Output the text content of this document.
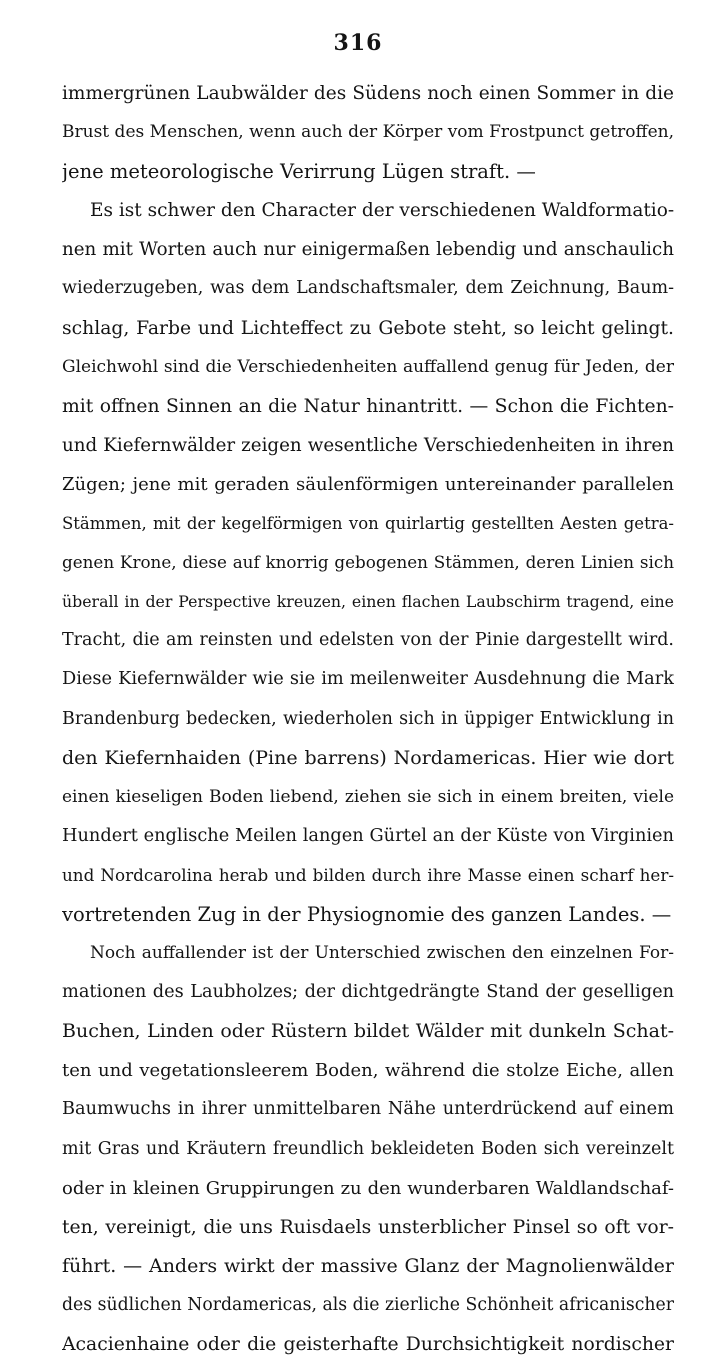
316
immergrünen Laubwälder des Südens noch einen Sommer in die
Brust des Menschen, wenn auch der Körper vom Frostpunct getroffen,
jene meteorologische Verirrung Lügen straft. —
Es ist schwer den Character der verschiedenen Waldformatio-
nen mit Worten auch nur einigermaßen lebendig und anschaulich
wiederzugeben, was dem Landschaftsmaler, dem Zeichnung, Baum-
schlag, Farbe und Lichteffect zu Gebote steht, so leicht gelingt.
Gleichwohl sind die Verschiedenheiten auffallend genug für Jeden, der
mit offnen Sinnen an die Natur hinantritt. — Schon die Fichten-
und Kiefernwälder zeigen wesentliche Verschiedenheiten in ihren
Zügen; jene mit geraden säulenförmigen untereinander parallelen
Stämmen, mit der kegelförmigen von quirlartig gestellten Aesten getra-
genen Krone, diese auf knorrig gebogenen Stämmen, deren Linien sich
überall in der Perspective kreuzen, einen flachen Laubschirm tragend, eine
Tracht, die am reinsten und edelsten von der Pinie dargestellt wird.
Diese Kiefernwälder wie sie im meilenweiter Ausdehnung die Mark
Brandenburg bedecken, wiederholen sich in üppiger Entwicklung in
den Kiefernhaiden (Pine barrens) Nordamericas. Hier wie dort
einen kieseligen Boden liebend, ziehen sie sich in einem breiten, viele
Hundert englische Meilen langen Gürtel an der Küste von Virginien
und Nordcarolina herab und bilden durch ihre Masse einen scharf her-
vortretenden Zug in der Physiognomie des ganzen Landes. —
Noch auffallender ist der Unterschied zwischen den einzelnen For-
mationen des Laubholzes; der dichtgedrängte Stand der geselligen
Buchen, Linden oder Rüstern bildet Wälder mit dunkeln Schat-
ten und vegetationsleerem Boden, während die stolze Eiche, allen
Baumwuchs in ihrer unmittelbaren Nähe unterdrückend auf einem
mit Gras und Kräutern freundlich bekleideten Boden sich vereinzelt
oder in kleinen Gruppirungen zu den wunderbaren Waldlandschaf-
ten, vereinigt, die uns Ruisdaels unsterblicher Pinsel so oft vor-
führt. — Anders wirkt der massive Glanz der Magnolienwälder
des südlichen Nordamericas, als die zierliche Schönheit africanischer
Acacienhaine oder die geisterhafte Durchsichtigkeit nordischer
